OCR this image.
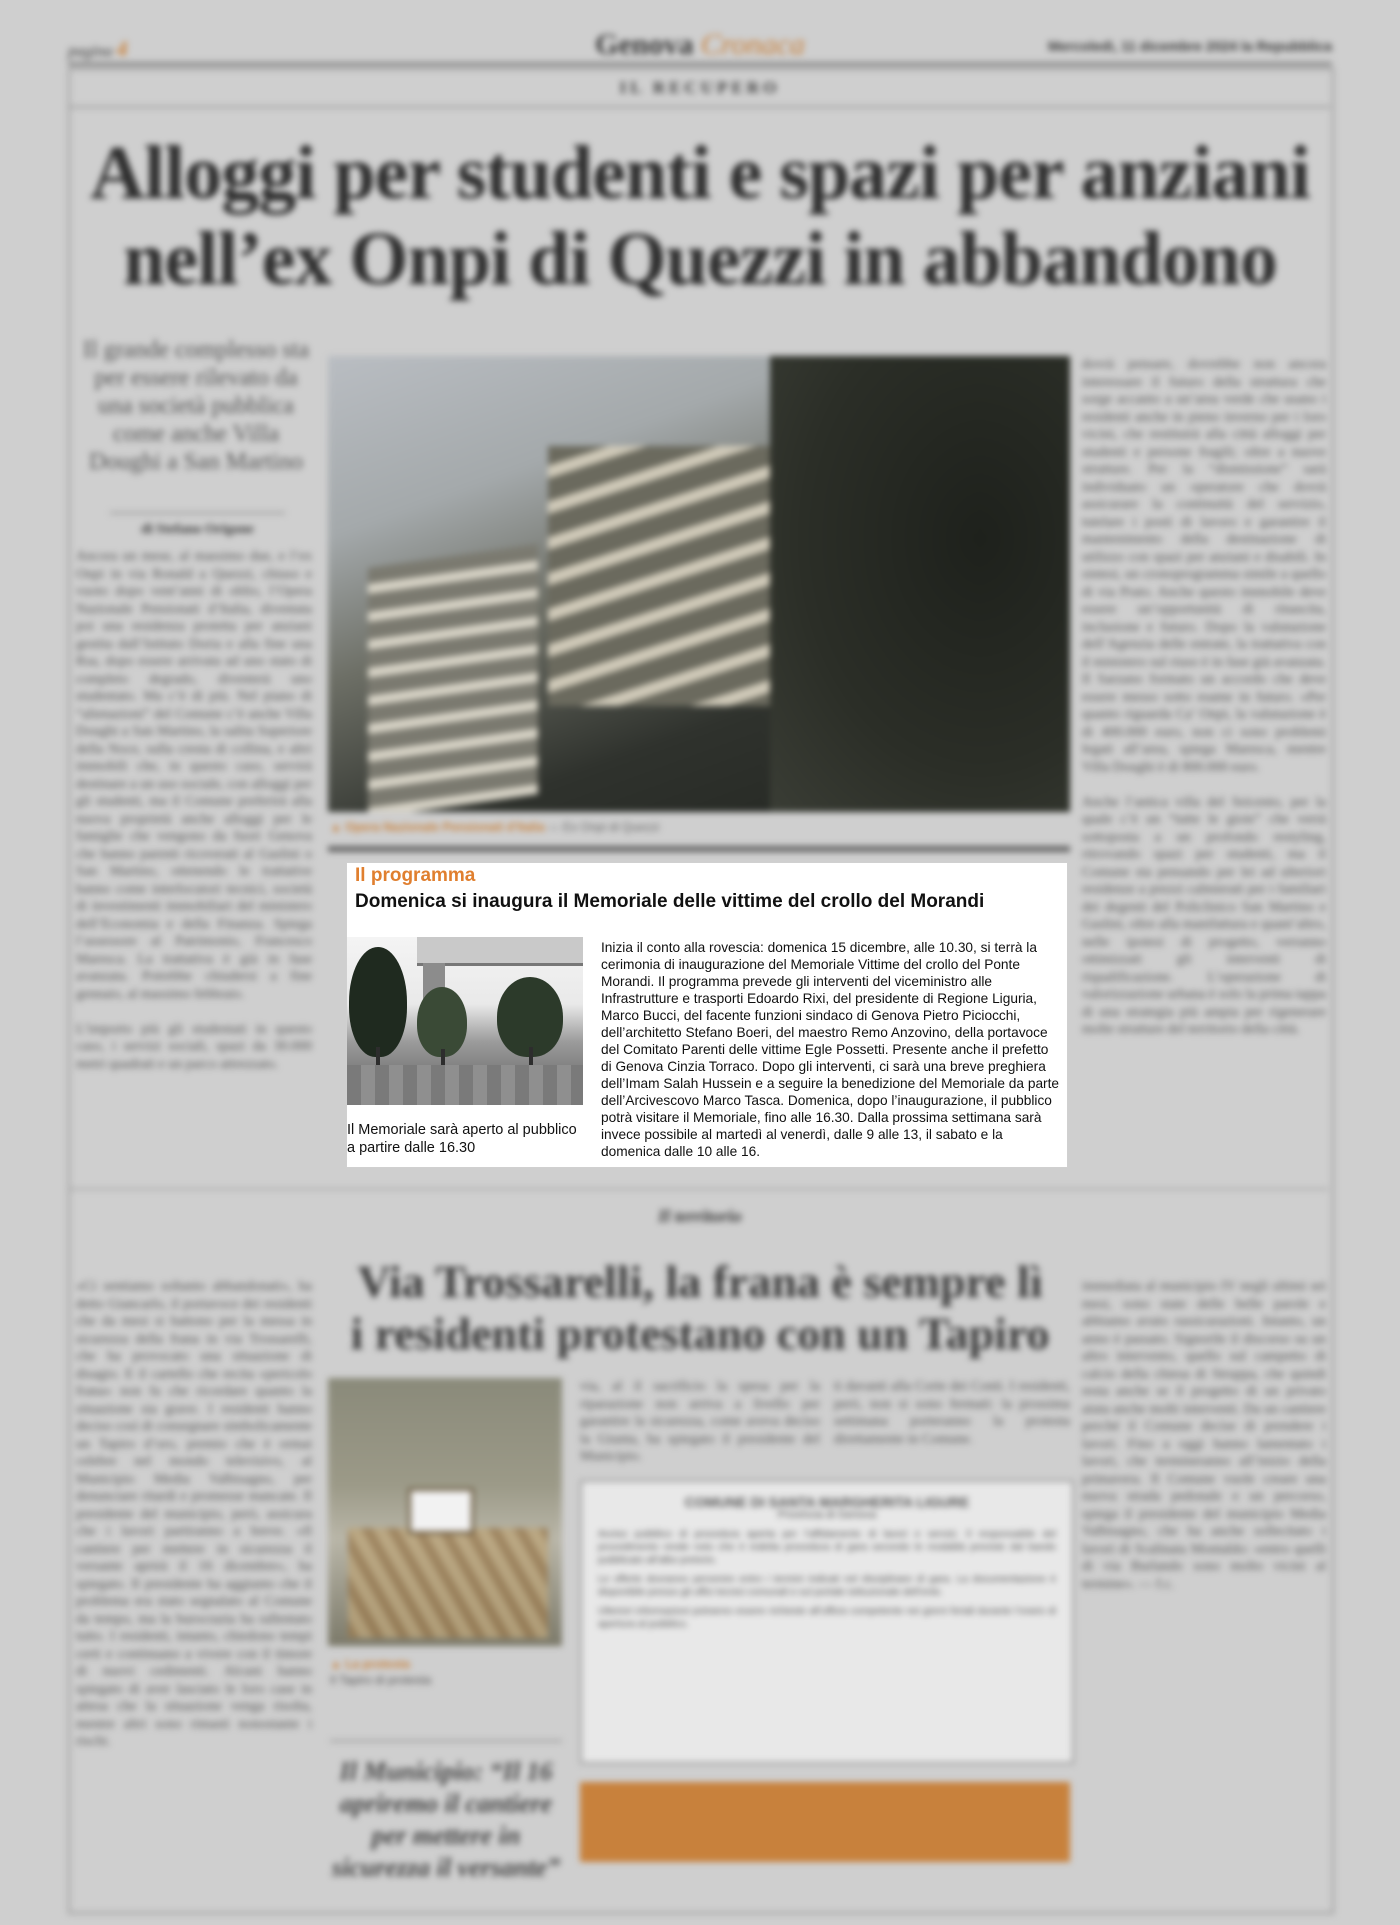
pagina 4	Genova Cronaca	Mercoledì, 11 dicembre 2024 la Repubblica
IL RECUPERO
Alloggi per studenti e spazi per anziani
nell’ex Onpi di Quezzi in abbandono
Il grande complesso sta per essere rilevato da una società pubblica come anche Villa Doughi a San Martino
di Stefano Origone
Ancora un mese, al massimo due, e l’ex Onpi in via Ronald a Quezzi, chiuso e vuoto dopo vent’anni di oblio, l’Opera Nazionale Pensionati d’Italia, diventata poi una residenza protetta per anziani gestita dall’Istituto Doria e alla fine una Rsa, dopo essere arrivata ad uno stato di completo degrado, diventerà uno studentato. Ma c’è di più. Nel piano di “alienazioni” del Comune c’è anche Villa Doughi a San Martino, la salita Superiore della Noce, sulla cresta di collina, e altri immobili che, in questo caso, servirà destinare a un uso sociale, con alloggi per gli studenti, ma il Comune preferirà alla nuova proprietà anche alloggi per le famiglie che vengono da fuori Genova che hanno parenti ricoverati al Gaslini o San Martino, ottenendo le trattative hanno come interlocutori tecnici, società di investimenti immobiliari del ministero dell’Economia e della Finanza. Spiega l’assessore al Patrimonio, Francesco Maresca. La trattativa è già in fase avanzata. Potrebbe chiudersi a fine gennaio, al massimo febbraio.

L’importo più gli studentati in questo caso, i servizi sociali, spazi da 30.000 metri quadrati e un parco attrezzato.
▲ Opera Nazionale Pensionati d’Italia — Ex Onpi di Quezzi
dovrà pensare, dovrebbe non ancora interessare il futuro della struttura che sorge accanto a un’area verde che usano i residenti anche in pieno inverno per i loro vicini, che restituirà alla città alloggi per studenti e persone fragili; oltre a nuove strutture. Per la “dismissione” sarà individuato un operatore che dovrà assicurare la continuità del servizio, tutelare i posti di lavoro e garantire il mantenimento della destinazione di utilizzo con spazi per anziani e disabili. In sintesi, un cronoprogramma simile a quello di via Prato. Anche questo immobile deve essere un’opportunità di rinascita, inclusione e futuro. Dopo la valutazione dell’Agenzia delle entrate, la trattativa con il ministero sul riuso è in fase già avanzata. Il Sarzano formato un accordo che deve essere messo sotto esame in futuro. «Per quanto riguarda Ca’ Onpi, la valutazione è di 400.000 euro, non ci sono problemi legati all’area, spiega Maresca, mentre Villa Doughi è di 800.000 euro.

Anche l’antica villa del Seicento, per la quale c’è un “tutte le gioie” che verrà sottoposta a un profondo restyling, ritrovando spazi per studenti, ma il Comune sta pensando per lei ad ulteriori residenze a prezzi calmierati per i familiari dei degenti del Policlinico San Martino e Gaslini, oltre alla manifattura e quant’altro, nelle ipotesi di progetto, verranno ottimizzati gli interventi di riqualificazione. L’operazione di valorizzazione urbana è solo la prima tappa di una strategia più ampia per rigenerare molte strutture del territorio della città.
Il territorio
Via Trossarelli, la frana è sempre lì
i residenti protestano con un Tapiro
«Ci sentiamo soltanto abbandonati», ha detto Giancarlo, il portavoce dei residenti che da mesi si battono per la messa in sicurezza della frana in via Trossarelli, che ha provocato una situazione di disagio. E il cartello che recita «pericolo frana» non fa che ricordare quanto la situazione sia grave. I residenti hanno deciso così di consegnare simbolicamente un Tapiro d’oro, premio che è ormai celebre nel mondo televisivo, al Municipio Media Valbisagno, per denunciare ritardi e promesse mancate. Il presidente del municipio, però, assicura che i lavori partiranno a breve. «Il cantiere per mettere in sicurezza il versante aprirà il 16 dicembre», ha spiegato. Il presidente ha aggiunto che il problema era stato segnalato al Comune da tempo, ma la burocrazia ha rallentato tutto. I residenti, intanto, chiedono tempi certi e continuano a vivere con il timore di nuovi cedimenti. Alcuni hanno spiegato di aver lasciato le loro case in attesa che la situazione venga risolta, mentre altri sono rimasti nonostante i rischi.
▲ La protesta
Il Tapiro di protesta
Il Municipio: “Il 16 apriremo il cantiere per mettere in sicurezza il versante”
via, al il sacrificio la spesa per la riparazione non arriva a livello per garantire la sicurezza, come aveva deciso la Giunta, ha spiegato il presidente del Municipio.
ti davanti alla Corte dei Conti. I residenti, però, non si sono fermati: la prossima settimana porteranno la protesta direttamente in Comune.
COMUNE DI SANTA MARGHERITA LIGURE
Provincia di Genova

Avviso pubblico di procedura aperta per l’affidamento di lavori e servizi. Il responsabile del procedimento rende noto che è indetta procedura di gara secondo le modalità previste dal bando pubblicato all’albo pretorio.

Le offerte dovranno pervenire entro i termini indicati nel disciplinare di gara. La documentazione è disponibile presso gli uffici tecnici comunali e sul portale istituzionale dell’ente.

Ulteriori informazioni potranno essere richieste all’ufficio competente nei giorni feriali durante l’orario di apertura al pubblico.

immediata al municipio IV negli ultimi sei mesi, sono state delle belle parole e abbiamo avuto rassicurazioni. Intanto, un anno è passato. Signorile il discorso su un altro intervento, quello sul campetto di calcio della chiesa di Struppa, che quindi resta anche se il progetto di un privato aiuta anche molti interventi. Da un cantiere perché il Comune decise di prendere i lavori. Fino a oggi hanno lamentato i lavori, che termineranno all’inizio della primavera. Il Comune vuole creare una nuova strada pedonale e un percorso, spiega il presidente del municipio Media Valbisagno, che ha anche sollecitato i lavori di Scalinata Montaldo: «entro quelli di via Burlando sono molto vicini al termine». — f.c.
Il programma
Domenica si inaugura il Memoriale delle vittime del crollo del Morandi
Il Memoriale sarà aperto al pubblico a partire dalle 16.30
Inizia il conto alla rovescia: domenica 15 dicembre, alle 10.30, si terrà la cerimonia di inaugurazione del Memoriale Vittime del crollo del Ponte Morandi. Il programma prevede gli interventi del viceministro alle Infrastrutture e trasporti Edoardo Rixi, del presidente di Regione Liguria, Marco Bucci, del facente funzioni sindaco di Genova Pietro Piciocchi, dell’architetto Stefano Boeri, del maestro Remo Anzovino, della portavoce del Comitato Parenti delle vittime Egle Possetti. Presente anche il prefetto di Genova Cinzia Torraco. Dopo gli interventi, ci sarà una breve preghiera dell’Imam Salah Hussein e a seguire la benedizione del Memoriale da parte dell’Arcivescovo Marco Tasca. Domenica, dopo l’inaugurazione, il pubblico potrà visitare il Memoriale, fino alle 16.30. Dalla prossima settimana sarà invece possibile al martedì al venerdì, dalle 9 alle 13, il sabato e la domenica dalle 10 alle 16.
